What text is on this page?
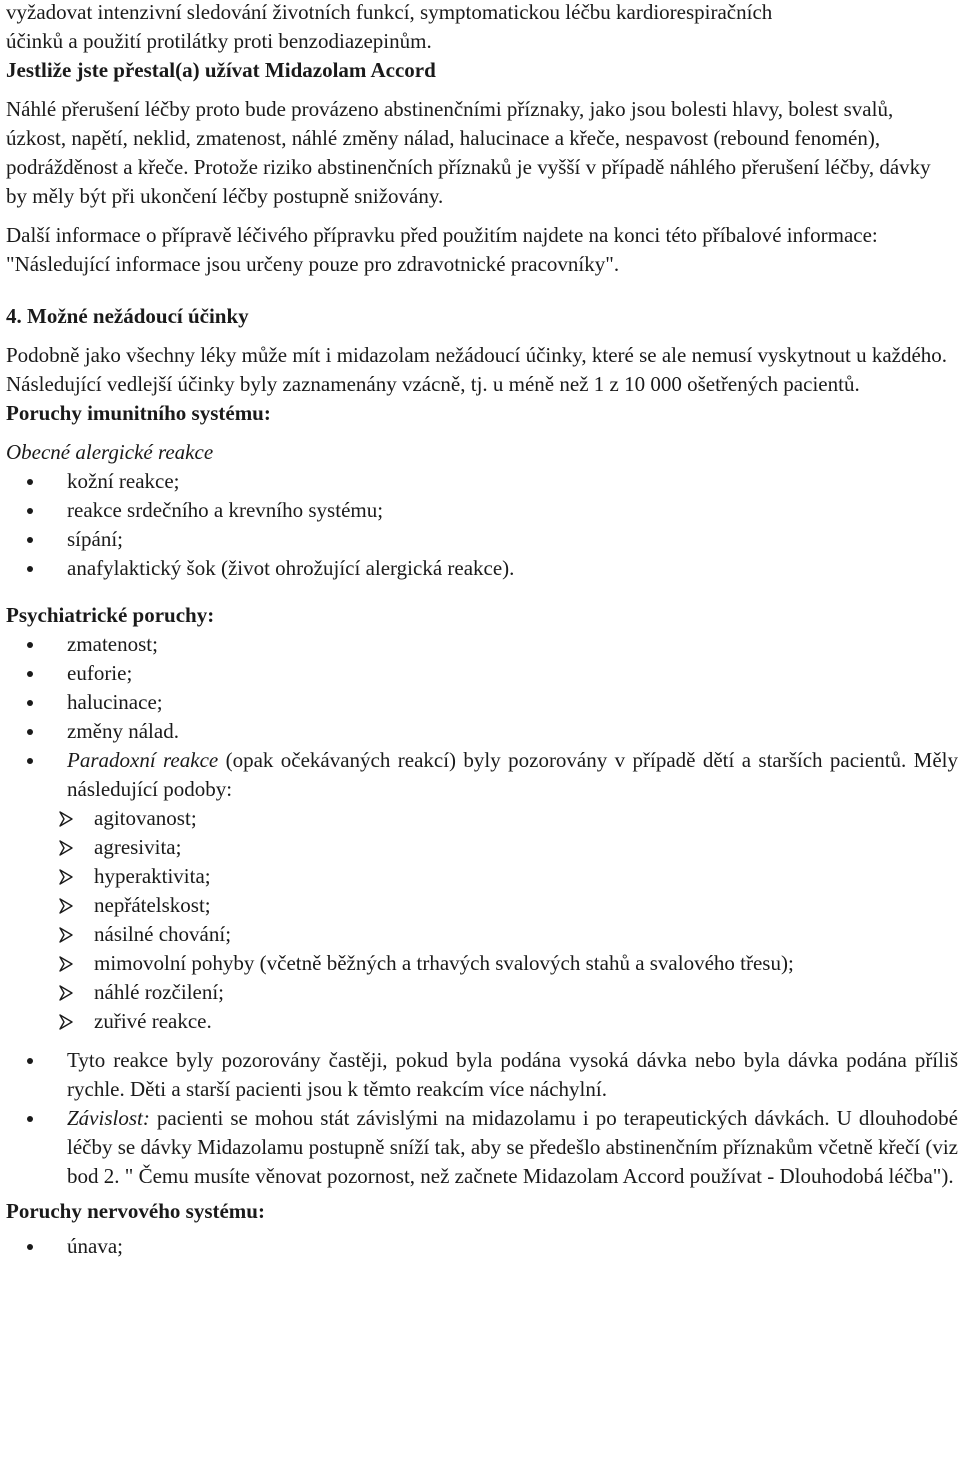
vyžadovat intenzivní sledování životních funkcí, symptomatickou léčbu kardiorespiračních

účinků a použití protilátky proti benzodiazepinům.

Jestliže jste přestal(a) užívat Midazolam Accord

Náhlé přerušení léčby proto bude provázeno abstinenčními příznaky, jako jsou bolesti hlavy, bolest svalů, úzkost, napětí, neklid, zmatenost, náhlé změny nálad, halucinace a křeče, nespavost (rebound fenomén), podrážděnost a křeče. Protože riziko abstinenčních příznaků je vyšší v případě náhlého přerušení léčby, dávky by měly být při ukončení léčby postupně snižovány.

Další informace o přípravě léčivého přípravku před použitím najdete na konci této příbalové informace: "Následující informace jsou určeny pouze pro zdravotnické pracovníky".

4. Možné nežádoucí účinky

Podobně jako všechny léky může mít i midazolam nežádoucí účinky, které se ale nemusí vyskytnout u každého. Následující vedlejší účinky byly zaznamenány vzácně, tj. u méně než 1 z 10 000 ošetřených pacientů.

Poruchy imunitního systému:

Obecné alergické reakce

kožní reakce;
reakce srdečního a krevního systému;
sípání;
anafylaktický šok (život ohrožující alergická reakce).

Psychiatrické poruchy:

zmatenost;
euforie;
halucinace;
změny nálad.
Paradoxní reakce (opak očekávaných reakcí) byly pozorovány v případě dětí a starších pacientů. Měly následující podoby:
agitovanost;
agresivita;
hyperaktivita;
nepřátelskost;
násilné chování;
mimovolní pohyby (včetně běžných a trhavých svalových stahů a svalového třesu);
náhlé rozčilení;
zuřivé reakce.
Tyto reakce byly pozorovány častěji, pokud byla podána vysoká dávka nebo byla dávka podána příliš rychle. Děti a starší pacienti jsou k těmto reakcím více náchylní.
Závislost: pacienti se mohou stát závislými na midazolamu i po terapeutických dávkách. U dlouhodobé léčby se dávky Midazolamu postupně sníží tak, aby se předešlo abstinenčním příznakům včetně křečí (viz bod 2. " Čemu musíte věnovat pozornost, než začnete Midazolam Accord používat - Dlouhodobá léčba").

Poruchy nervového systému:

únava;
